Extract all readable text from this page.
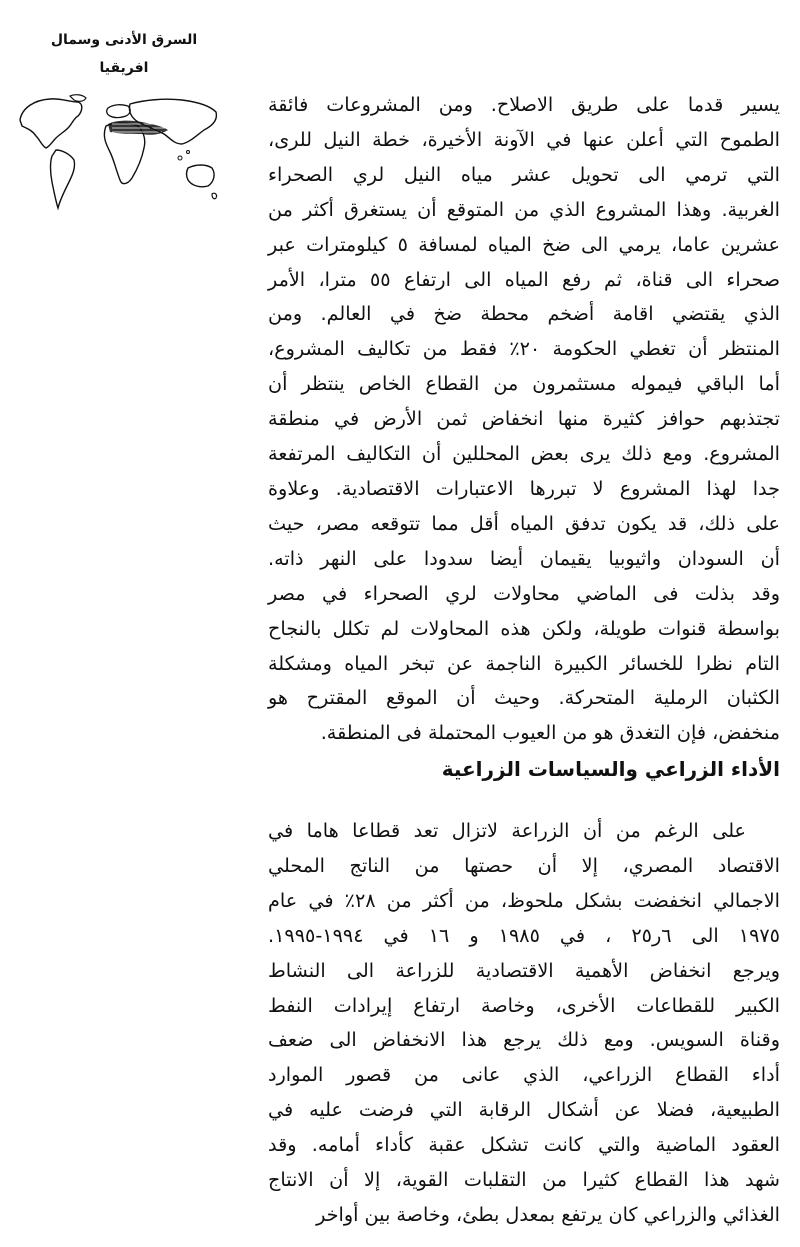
السرق الأدنى وسمال
افريقيا
يسير قدما على طريق الاصلاح. ومن المشروعات فائقة
الطموح التي أعلن عنها في الآونة الأخيرة، خطة النيل للرى،
التي ترمي الى تحويل عشر مياه النيل لري الصحراء
الغربية. وهذا المشروع الذي من المتوقع أن يستغرق أكثر من
عشرين عاما، يرمي الى ضخ المياه لمسافة ٥ كيلومترات عبر
صحراء الى قناة، ثم رفع المياه الى ارتفاع ٥٥ مترا، الأمر
الذي يقتضي اقامة أضخم محطة ضخ في العالم. ومن
المنتظر أن تغطي الحكومة ٢٠٪ فقط من تكاليف المشروع،
أما الباقي فيموله مستثمرون من القطاع الخاص ينتظر أن
تجتذبهم حوافز كثيرة منها انخفاض ثمن الأرض في منطقة
المشروع. ومع ذلك يرى بعض المحللين أن التكاليف المرتفعة
جدا لهذا المشروع لا تبررها الاعتبارات الاقتصادية. وعلاوة
على ذلك، قد يكون تدفق المياه أقل مما تتوقعه مصر، حيث
أن السودان واثيوبيا يقيمان أيضا سدودا على النهر ذاته.
وقد بذلت فى الماضي محاولات لري الصحراء في مصر
بواسطة قنوات طويلة، ولكن هذه المحاولات لم تكلل بالنجاح
التام نظرا للخسائر الكبيرة الناجمة عن تبخر المياه ومشكلة
الكثبان الرملية المتحركة. وحيث أن الموقع المقترح هو
منخفض، فإن التغدق هو من العيوب المحتملة فى المنطقة.
الأداء الزراعي والسياسات الزراعية
على الرغم من أن الزراعة لاتزال تعد قطاعا هاما في
الاقتصاد المصري، إلا أن حصتها من الناتج المحلي
الاجمالي انخفضت بشكل ملحوظ، من أكثر من ٢٨٪ في عام
١٩٧٥ الى ٦ر٢٥ ، في ١٩٨٥ و ١٦ في ١٩٩٤-١٩٩٥.
ويرجع انخفاض الأهمية الاقتصادية للزراعة الى النشاط
الكبير للقطاعات الأخرى، وخاصة ارتفاع إيرادات النفط
وقناة السويس. ومع ذلك يرجع هذا الانخفاض الى ضعف
أداء القطاع الزراعي، الذي عانى من قصور الموارد
الطبيعية، فضلا عن أشكال الرقابة التي فرضت عليه في
العقود الماضية والتي كانت تشكل عقبة كأداء أمامه. وقد
شهد هذا القطاع كثيرا من التقلبات القوية، إلا أن الانتاج
الغذائي والزراعي كان يرتفع بمعدل بطئ، وخاصة بين أواخر
